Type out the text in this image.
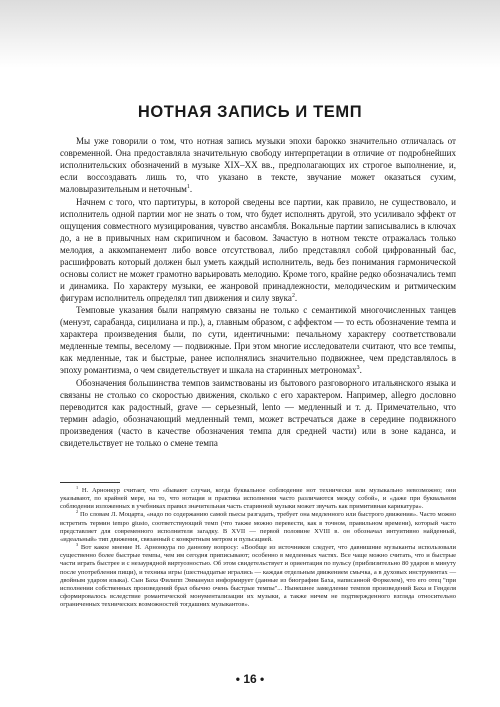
НОТНАЯ ЗАПИСЬ И ТЕМП

Мы уже говорили о том, что нотная запись музыки эпохи барокко значительно отличалась от современной. Она предоставляла значительную свободу интерпретации в отличие от подробнейших исполнительских обозначений в музыке XIX–XX вв., предполагающих их строгое выполнение, и, если воссоздавать лишь то, что указано в тексте, звучание может оказаться сухим, маловыразительным и неточным$^1$.

Начнем с того, что партитуры, в которой сведены все партии, как правило, не существовало, и исполнитель одной партии мог не знать о том, что будет исполнять другой, это усиливало эффект от ощущения совместного музицирования, чувство ансамбля. Вокальные партии записывались в ключах до, а не в привычных нам скрипичном и басовом. Зачастую в нотном тексте отражалась только мелодия, а аккомпанемент либо вовсе отсутствовал, либо представлял собой цифрованный бас, расшифровать который должен был уметь каждый исполнитель, ведь без понимания гармонической основы солист не может грамотно варьировать мелодию. Кроме того, крайне редко обозначались темп и динамика. По характеру музыки, ее жанровой принадлежности, мелодическим и ритмическим фигурам исполнитель определял тип движения и силу звука$^2$.

Темповые указания были напрямую связаны не только с семантикой многочисленных танцев (менуэт, сарабанда, сицилиана и пр.), а, главным образом, с аффектом — то есть обозначение темпа и характера произведения были, по сути, идентичными: печальному характеру соответствовали медленные темпы, веселому — подвижные. При этом многие исследователи считают, что все темпы, как медленные, так и быстрые, ранее исполнялись значительно подвижнее, чем представлялось в эпоху романтизма, о чем свидетельствует и шкала на старинных метрономах$^3$.

Обозначения большинства темпов заимствованы из бытового разговорного итальянского языка и связаны не столько со скоростью движения, сколько с его характером. Например, allegro дословно переводится как радостный, grave — серьезный, lento — медленный и т. д. Примечательно, что термин adagio, обозначающий медленный темп, может встречаться даже в середине подвижного произведения (часто в качестве обозначения темпа для средней части) или в зоне каданса, и свидетельствует не только о смене темпа

$^1$ Н. Арнонкур считает, что «бывают случаи, когда буквальное соблюдение нот технически или музыкально невозможно; они указывают, по крайней мере, на то, что нотация и практика исполнения часто различаются между собой», и «даже при буквальном соблюдении изложенных в учебниках правил значительная часть старинной музыки может звучать как примитивная карикатура».

$^2$ По словам Л. Моцарта, «надо по содержанию самой пьесы разгадать, требует она медленного или быстрого движения». Часто можно встретить термин tempo giusto, соответствующий темп (что также можно перевести, как в точном, правильном времени), который часто представляет для современного исполнителя загадку. В XVII — первой половине XVIII в. он обозначал интуитивно найденный, «идеальный» тип движения, связанный с конкретным метром и пульсацией.

$^3$ Вот какое мнение Н. Арнонкура по данному вопросу: «Вообще из источников следует, что давнишние музыканты использовали существенно более быстрые темпы, чем им сегодня приписывают; особенно в медленных частях. Все чаще можно считать, что и быстрые части играть быстрее и с незаурядной виртуозностью. Об этом свидетельствует и ориентация по пульсу (приблизительно 80 ударов в минуту после употребления пищи), и техника игры (шестнадцатые игрались — каждая отдельным движением смычка, а в духовых инструментах — двойным ударом языка). Сын Баха Филипп Эммануил информирует (данные из биографии Баха, написанной Форкелем), что его отец "при исполнении собственных произведений брал обычно очень быстрые темпы"... Нынешнее замедление темпов произведений Баха и Генделя сформировалось вследствие романтической монументализации их музыки, а также ничем не подтвержденного взгляда относительно ограниченных технических возможностей тогдашних музыкантов».

• 16 •
